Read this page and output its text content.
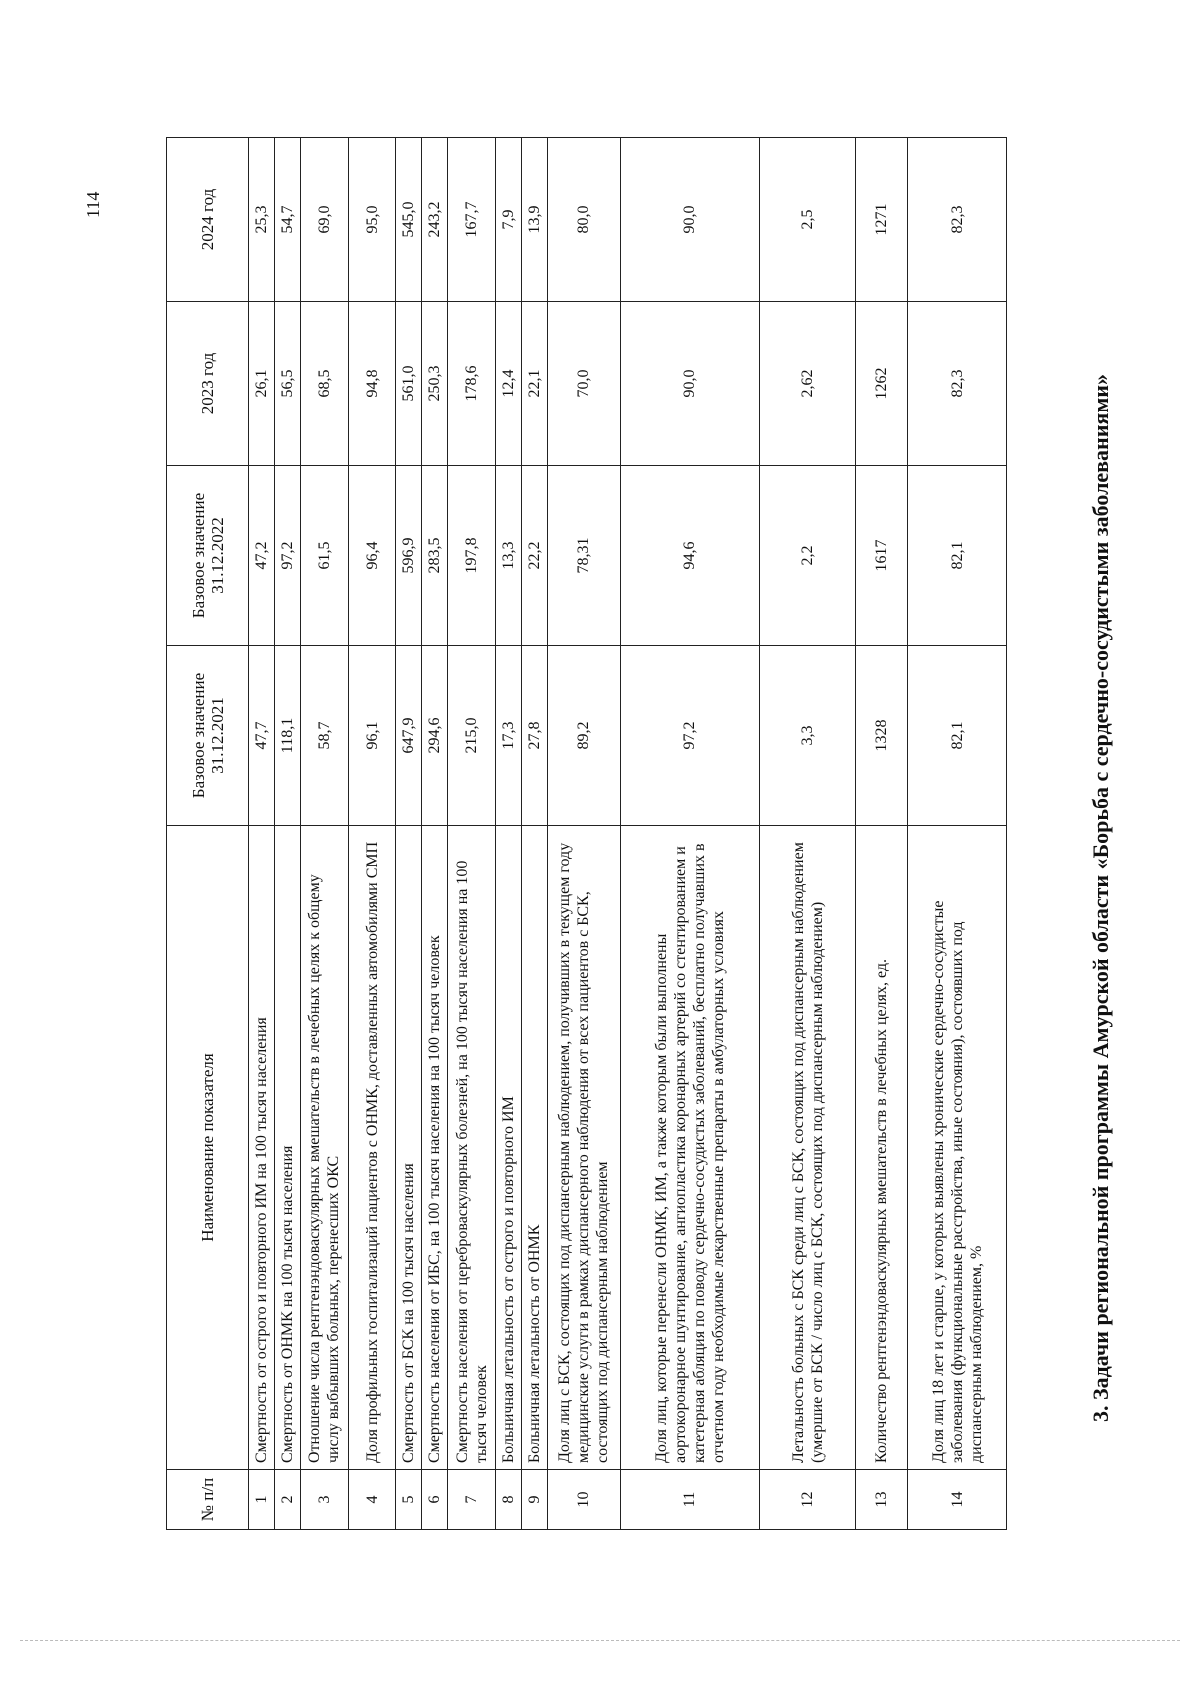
114
№ п/п	Наименование показателя	Базовое значение 31.12.2021	Базовое значение 31.12.2022	2023 год	2024 год
1	Смертность от острого и повторного ИМ на 100 тысяч населения	47,7	47,2	26,1	25,3
2	Смертность от ОНМК на 100 тысяч населения	118,1	97,2	56,5	54,7
3	Отношение числа рентгенэндоваскулярных вмешательств в лечебных целях к общему числу выбывших больных, перенесших ОКС	58,7	61,5	68,5	69,0
4	Доля профильных госпитализаций пациентов с ОНМК, доставленных автомобилями СМП	96,1	96,4	94,8	95,0
5	Смертность от БСК на 100 тысяч населения	647,9	596,9	561,0	545,0
6	Смертность населения от ИБС, на 100 тысяч населения на 100 тысяч человек	294,6	283,5	250,3	243,2
7	Смертность населения от цереброваскулярных болезней, на 100 тысяч населения на 100 тысяч человек	215,0	197,8	178,6	167,7
8	Больничная летальность от острого и повторного ИМ	17,3	13,3	12,4	7,9
9	Больничная летальность от ОНМК	27,8	22,2	22,1	13,9
10	Доля лиц с БСК, состоящих под диспансерным наблюдением, получивших в текущем году медицинские услуги в рамках диспансерного наблюдения от всех пациентов с БСК, состоящих под диспансерным наблюдением	89,2	78,31	70,0	80,0
11	Доля лиц, которые перенесли ОНМК, ИМ, а также которым были выполнены аортокоронарное шунтирование, ангиопластика коронарных артерий со стентированием и катетерная абляция по поводу сердечно-сосудистых заболеваний, бесплатно получавших в отчетном году необходимые лекарственные препараты в амбулаторных условиях	97,2	94,6	90,0	90,0
12	Летальность больных с БСК среди лиц с БСК, состоящих под диспансерным наблюдением (умершие от БСК / число лиц с БСК, состоящих под диспансерным наблюдением)	3,3	2,2	2,62	2,5
13	Количество рентгенэндоваскулярных вмешательств в лечебных целях, ед.	1328	1617	1262	1271
14	Доля лиц 18 лет и старше, у которых выявлены хронические сердечно-сосудистые заболевания (функциональные расстройства, иные состояния), состоявших под диспансерным наблюдением, %	82,1	82,1	82,3	82,3
3. Задачи региональной программы Амурской области «Борьба с сердечно-сосудистыми заболеваниями»
